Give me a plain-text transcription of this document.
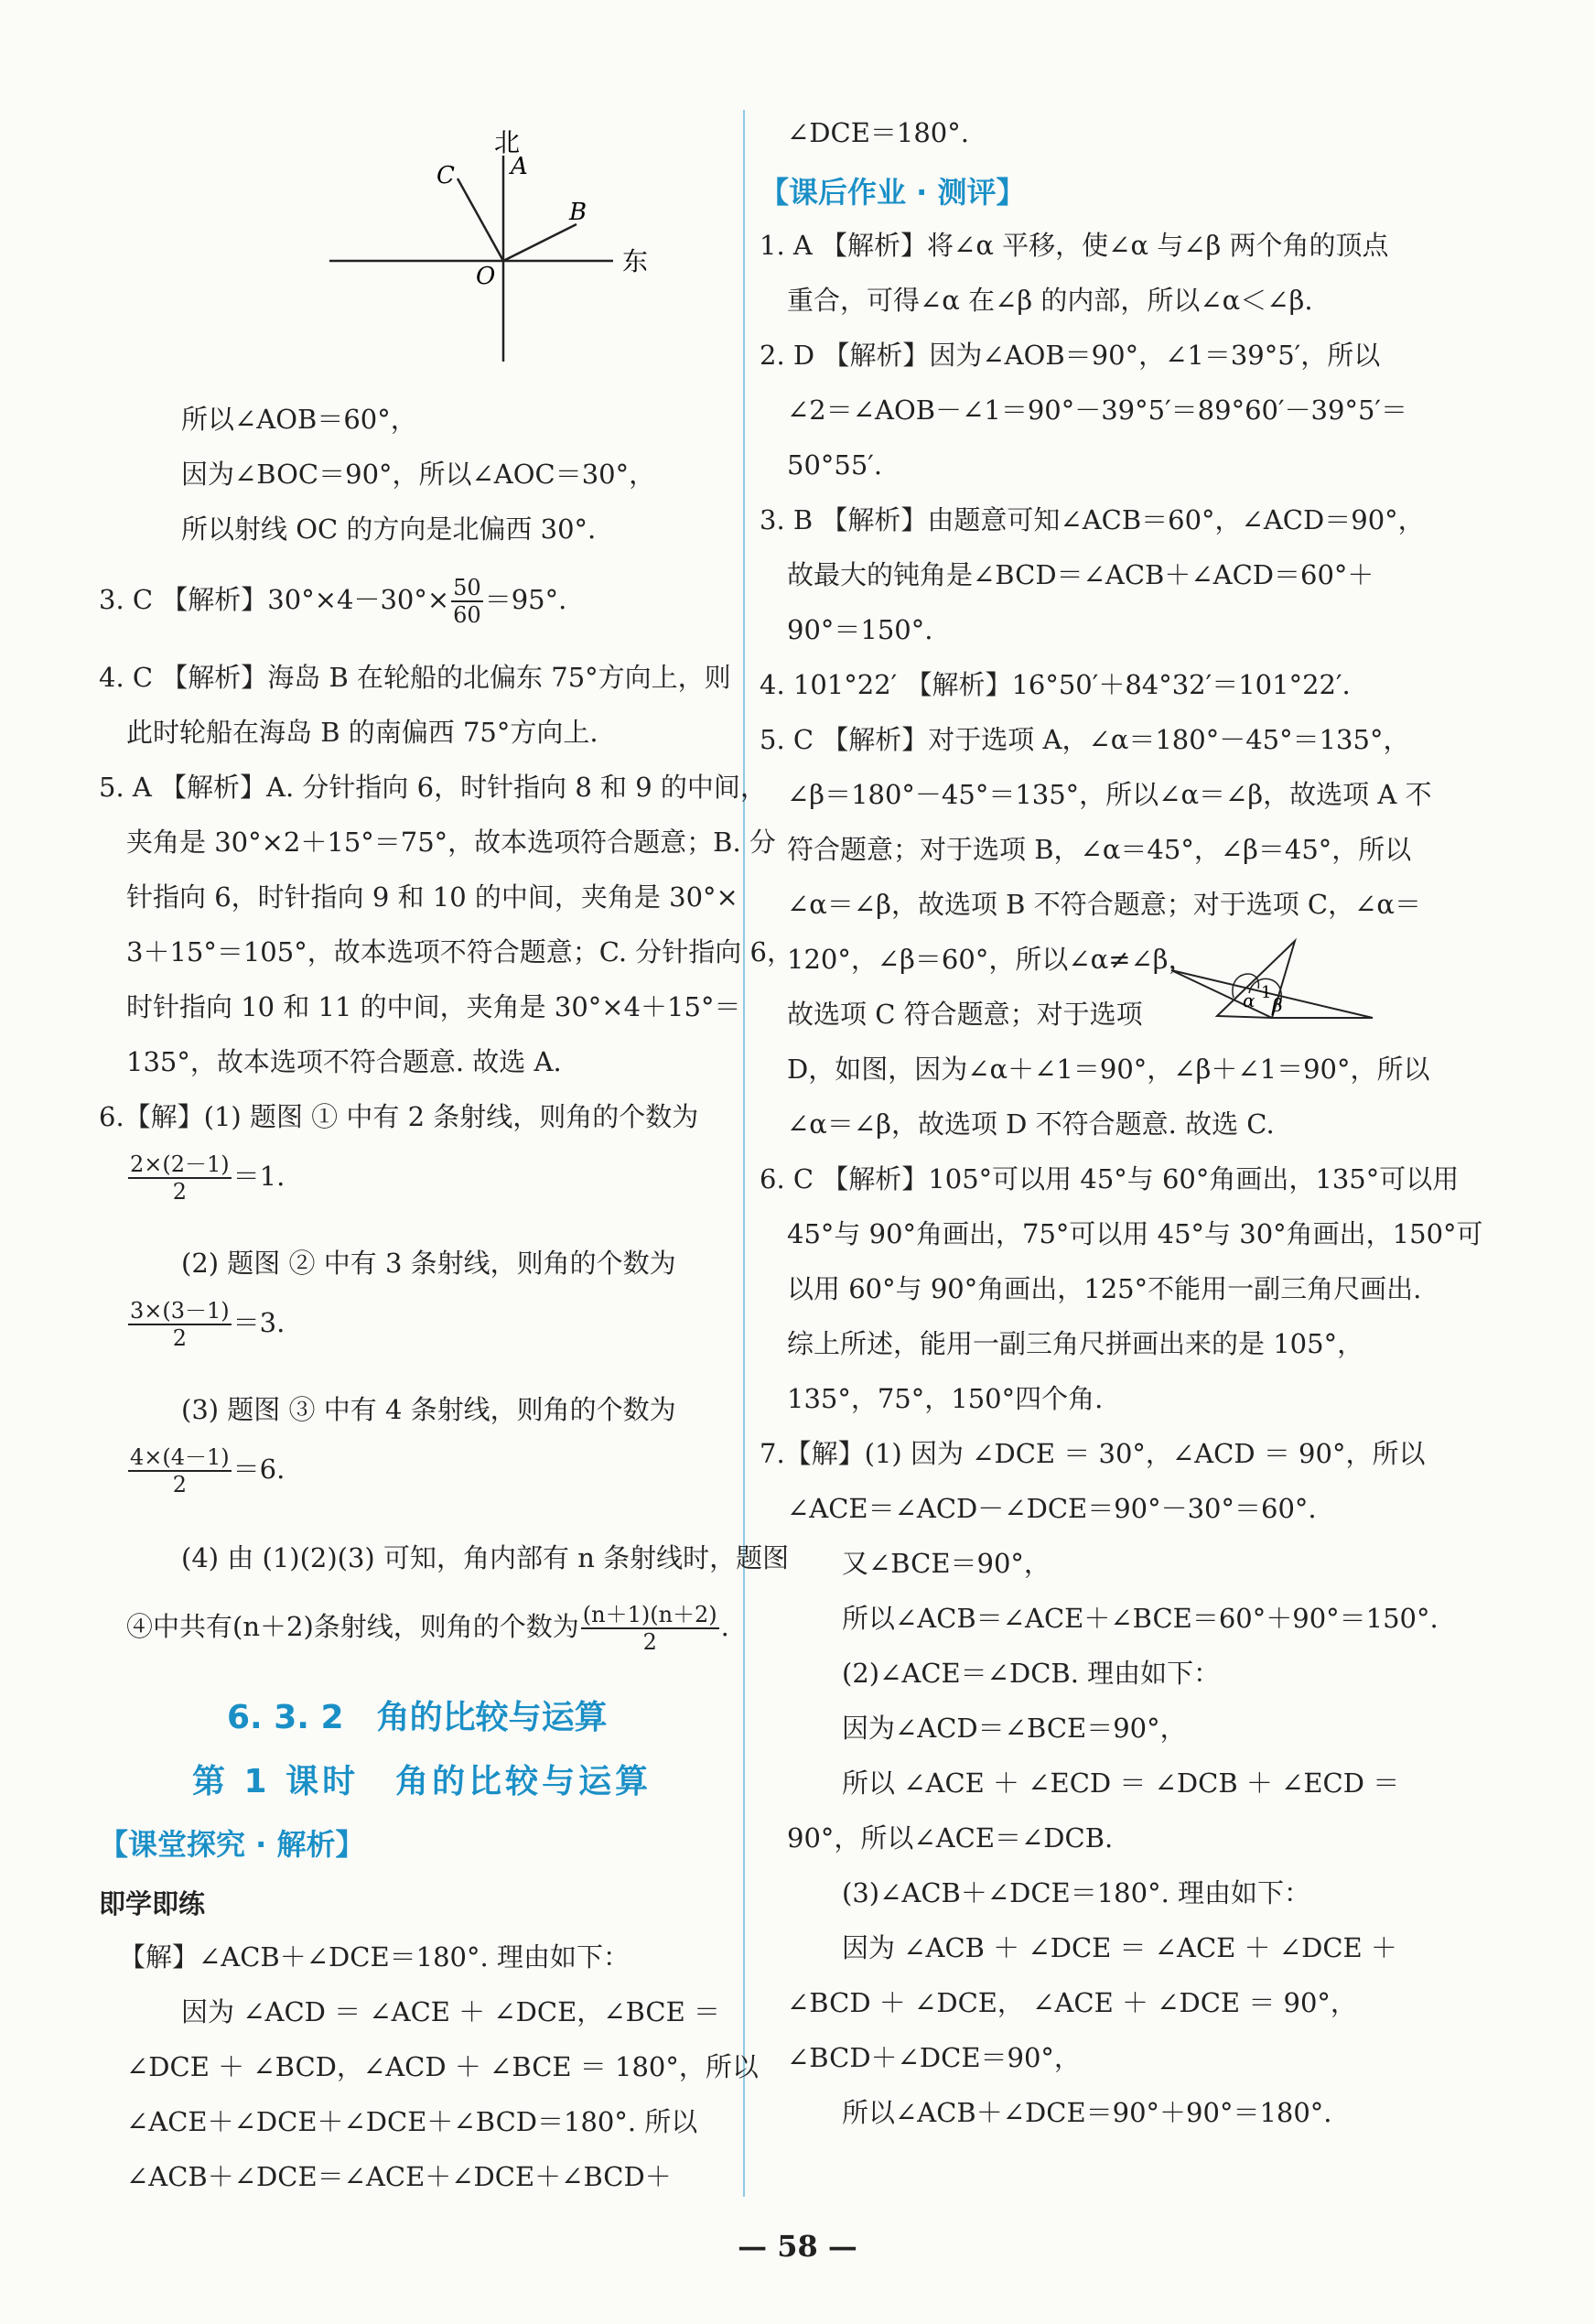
北
A
C
B
O	东
所以∠AOB＝60°，
因为∠BOC＝90°，所以∠AOC＝30°，
所以射线 OC 的方向是北偏西 30°.
3. C 【解析】$30^\circ\times 4-30^\circ\times \frac{50}{60} =95^\circ$.
4. C 【解析】海岛 B 在轮船的北偏东 75°方向上，则
此时轮船在海岛 B 的南偏西 75°方向上.
5. A 【解析】A. 分针指向 6，时针指向 8 和 9 的中间，
夹角是 30°×2＋15°＝75°，故本选项符合题意；B. 分
针指向 6，时针指向 9 和 10 的中间，夹角是 30°×
3＋15°＝105°，故本选项不符合题意；C. 分针指向 6，
时针指向 10 和 11 的中间，夹角是 30°×4＋15°＝
135°，故本选项不符合题意. 故选 A.
6.【解】(1) 题图 ① 中有 2 条射线，则角的个数为
$\frac{2\times(2-1)}{2} =1$.
(2) 题图 ② 中有 3 条射线，则角的个数为
$\frac{3\times(3-1)}{2} =3$.
(3) 题图 ③ 中有 4 条射线，则角的个数为
$\frac{4\times(4-1)}{2} =6$.
(4) 由 (1)(2)(3) 可知，角内部有 n 条射线时，题图
④中共有(n＋2)条射线，则角的个数为 $\frac{(n+1)(n+2)}{2}$ .
6. 3. 2　角的比较与运算
第 1 课时　角的比较与运算
【课堂探究 · 解析】
即学即练
【解】∠ACB＋∠DCE＝180°. 理由如下：
因为 ∠ACD ＝ ∠ACE ＋ ∠DCE，∠BCE ＝
∠DCE ＋ ∠BCD，∠ACD ＋ ∠BCE ＝ 180°，所以
∠ACE＋∠DCE＋∠DCE＋∠BCD＝180°. 所以
∠ACB＋∠DCE＝∠ACE＋∠DCE＋∠BCD＋
∠DCE＝180°.
【课后作业 · 测评】
1. A 【解析】将∠α 平移，使∠α 与∠β 两个角的顶点
重合，可得∠α 在∠β 的内部，所以∠α＜∠β.
2. D 【解析】因为∠AOB＝90°，∠1＝39°5′，所以
∠2＝∠AOB－∠1＝90°－39°5′＝89°60′－39°5′＝
50°55′.
3. B 【解析】由题意可知∠ACB＝60°，∠ACD＝90°，
故最大的钝角是∠BCD＝∠ACB＋∠ACD＝60°＋
90°＝150°.
4. 101°22′ 【解析】16°50′＋84°32′＝101°22′.
5. C 【解析】对于选项 A，∠α＝180°－45°＝135°，
∠β＝180°－45°＝135°，所以∠α＝∠β，故选项 A 不
符合题意；对于选项 B，∠α＝45°，∠β＝45°，所以
∠α＝∠β，故选项 B 不符合题意；对于选项 C，∠α＝
120°，∠β＝60°，所以∠α≠∠β，
故选项 C 符合题意；对于选项	α 1
β
D，如图，因为∠α＋∠1＝90°，∠β＋∠1＝90°，所以
∠α＝∠β，故选项 D 不符合题意. 故选 C.
6. C 【解析】105°可以用 45°与 60°角画出，135°可以用
45°与 90°角画出，75°可以用 45°与 30°角画出，150°可
以用 60°与 90°角画出，125°不能用一副三角尺画出.
综上所述，能用一副三角尺拼画出来的是 105°，
135°，75°，150°四个角.
7.【解】(1) 因为 ∠DCE ＝ 30°，∠ACD ＝ 90°，所以
∠ACE＝∠ACD－∠DCE＝90°－30°＝60°.
又∠BCE＝90°，
所以∠ACB＝∠ACE＋∠BCE＝60°＋90°＝150°.
(2)∠ACE＝∠DCB. 理由如下：
因为∠ACD＝∠BCE＝90°，
所以 ∠ACE ＋ ∠ECD ＝ ∠DCB ＋ ∠ECD ＝
90°，所以∠ACE＝∠DCB.
(3)∠ACB＋∠DCE＝180°. 理由如下：
因为 ∠ACB ＋ ∠DCE ＝ ∠ACE ＋ ∠DCE ＋
∠BCD ＋ ∠DCE， ∠ACE ＋ ∠DCE ＝ 90°，
∠BCD＋∠DCE＝90°，
所以∠ACB＋∠DCE＝90°＋90°＝180°.
— 58 —
